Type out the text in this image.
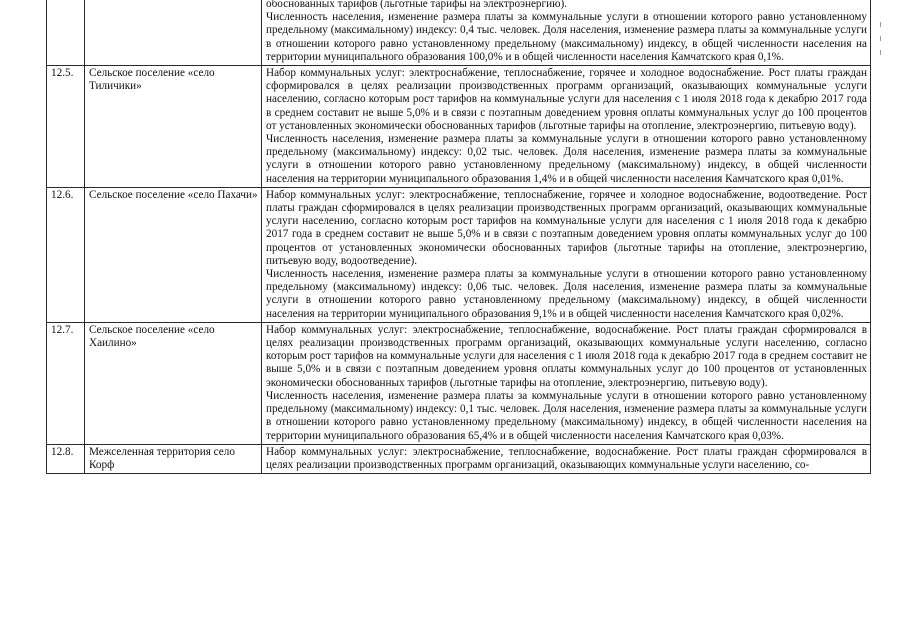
		обоснованных тарифов (льготные тарифы на электроэнергию).

Численность населения, изменение размера платы за коммунальные услуги в отношении которого равно установленному предельному (максимальному) индексу: 0,4 тыс. человек. Доля населения, изменение размера платы за коммунальные услуги в отношении которого равно установленному предельному (максимальному) индексу, в общей численности населения на территории муниципального образования 100,0% и в общей численности населения Камчатского края 0,1%.

12.5.	Сельское поселение «село Тиличики»	Набор коммунальных услуг: электроснабжение, теплоснабжение, горячее и холодное водоснабжение. Рост платы граждан сформировался в целях реализации производственных программ организаций, оказывающих коммунальные услуги населению, согласно которым рост тарифов на коммунальные услуги для населения с 1 июля 2018 года к декабрю 2017 года в среднем составит не выше 5,0% и в связи с поэтапным доведением уровня оплаты коммунальных услуг до 100 процентов от установленных экономически обоснованных тарифов (льготные тарифы на отопление, электроэнергию, питьевую воду).

Численность населения, изменение размера платы за коммунальные услуги в отношении которого равно установленному предельному (максимальному) индексу: 0,02 тыс. человек. Доля населения, изменение размера платы за коммунальные услуги в отношении которого равно установленному предельному (максимальному) индексу, в общей численности населения на территории муниципального образования 1,4% и в общей численности населения Камчатского края 0,01%.

12.6.	Сельское поселение «село Пахачи»	Набор коммунальных услуг: электроснабжение, теплоснабжение, горячее и холодное водоснабжение, водоотведение. Рост платы граждан сформировался в целях реализации производственных программ организаций, оказывающих коммунальные услуги населению, согласно которым рост тарифов на коммунальные услуги для населения с 1 июля 2018 года к декабрю 2017 года в среднем составит не выше 5,0% и в связи с поэтапным доведением уровня оплаты коммунальных услуг до 100 процентов от установленных экономически обоснованных тарифов (льготные тарифы на отопление, электроэнергию, питьевую воду, водоотведение).

Численность населения, изменение размера платы за коммунальные услуги в отношении которого равно установленному предельному (максимальному) индексу: 0,06 тыс. человек. Доля населения, изменение размера платы за коммунальные услуги в отношении которого равно установленному предельному (максимальному) индексу, в общей численности населения на территории муниципального образования 9,1% и в общей численности населения Камчатского края 0,02%.

12.7.	Сельское поселение «село Хаилино»	Набор коммунальных услуг: электроснабжение, теплоснабжение, водоснабжение. Рост платы граждан сформировался в целях реализации производственных программ организаций, оказывающих коммунальные услуги населению, согласно которым рост тарифов на коммунальные услуги для населения с 1 июля 2018 года к декабрю 2017 года в среднем составит не выше 5,0% и в связи с поэтапным доведением уровня оплаты коммунальных услуг до 100 процентов от установленных экономически обоснованных тарифов (льготные тарифы на отопление, электроэнергию, питьевую воду).

Численность населения, изменение размера платы за коммунальные услуги в отношении которого равно установленному предельному (максимальному) индексу: 0,1 тыс. человек. Доля населения, изменение размера платы за коммунальные услуги в отношении которого равно установленному предельному (максимальному) индексу, в общей численности населения на территории муниципального образования 65,4% и в общей численности населения Камчатского края 0,03%.

12.8.	Межселенная территория село Корф	Набор коммунальных услуг: электроснабжение, теплоснабжение, водоснабжение. Рост платы граждан сформировался в целях реализации производственных программ организаций, оказывающих коммунальные услуги населению, со-
